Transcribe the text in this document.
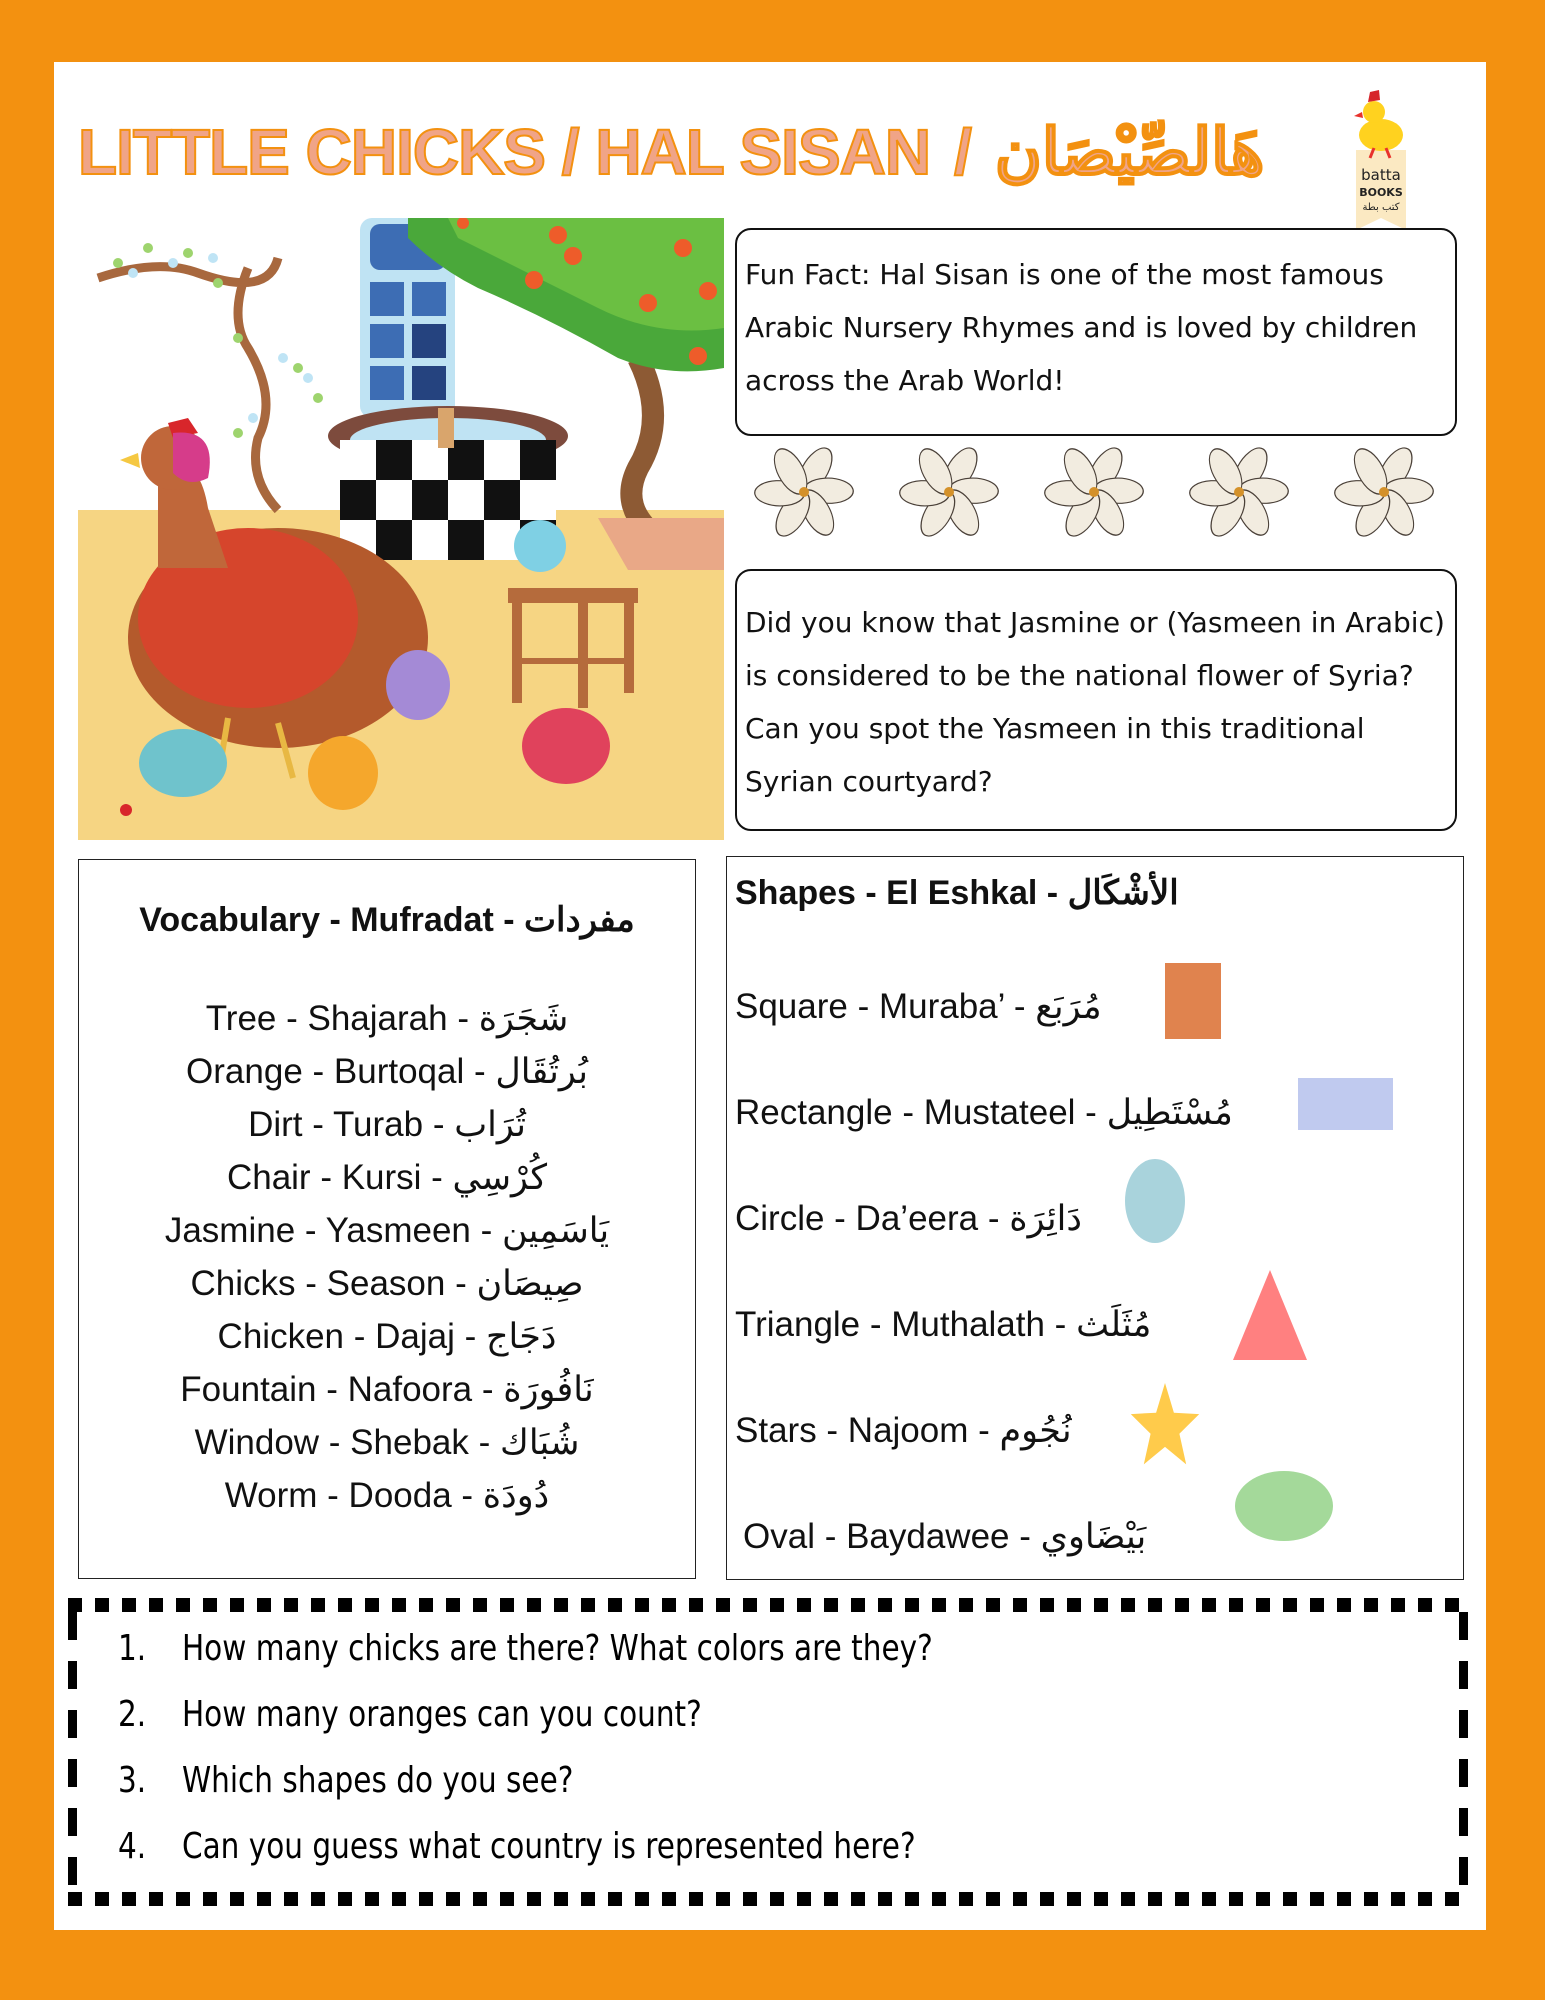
LITTLE CHICKS / HAL SISAN / هَالصِّيْصَان	batta
BOOKS
كتب بطة
Fun Fact: Hal Sisan is one of the most famous Arabic Nursery Rhymes and is loved by children across the Arab World!
Did you know that Jasmine or (Yasmeen in Arabic) is considered to be the national flower of Syria? Can you spot the Yasmeen in this traditional Syrian courtyard?
Vocabulary - Mufradat - مفردات
Tree - Shajarah - شَجَرَة
Orange - Burtoqal - بُرتُقَال
Dirt - Turab - تُرَاب
Chair - Kursi - كُرْسِي
Jasmine - Yasmeen - يَاسَمِين
Chicks - Season - صِيصَان
Chicken - Dajaj - دَجَاج
Fountain - Nafoora - نَافُورَة
Window - Shebak - شُبَاك
Worm - Dooda - دُودَة
Shapes - El Eshkal - الأشْكَال
Square - Muraba’ - مُرَبَع
Rectangle - Mustateel - مُسْتَطِيل
Circle - Da’eera - دَائِرَة
Triangle - Muthalath - مُثَلَث
Stars - Najoom - نُجُوم
Oval - Baydawee - بَيْضَاوي
1. How many chicks are there? What colors are they?
2. How many oranges can you count?
3. Which shapes do you see?
4. Can you guess what country is represented here?
